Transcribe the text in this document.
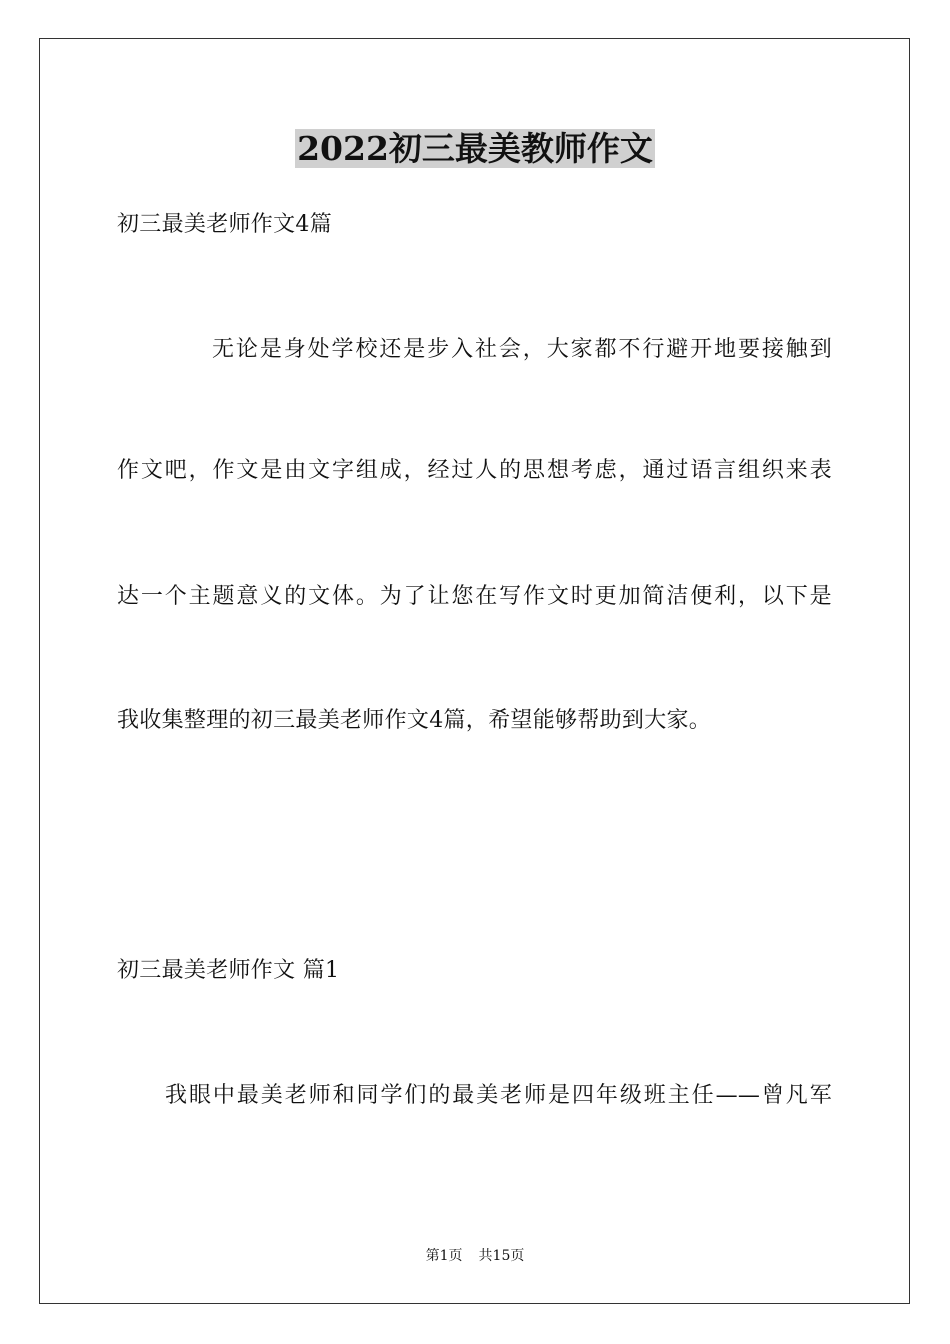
2022初三最美教师作文
初三最美老师作文4篇
无论是身处学校还是步入社会，大家都不行避开地要接触到
作文吧，作文是由文字组成，经过人的思想考虑，通过语言组织来表
达一个主题意义的文体。为了让您在写作文时更加简洁便利，以下是
我收集整理的初三最美老师作文4篇，希望能够帮助到大家。
初三最美老师作文 篇1
我眼中最美老师和同学们的最美老师是四年级班主任——曾凡军
第1页 共15页
